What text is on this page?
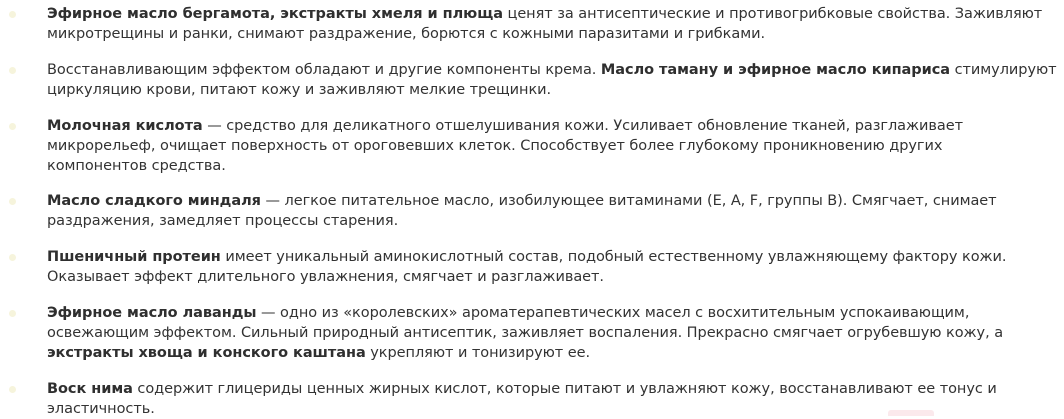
Эфирное масло бергамота, экстракты хмеля и плюща ценят за антисептические и противогрибковые свойства. Заживляют
микротрещины и ранки, снимают раздражение, борются с кожными паразитами и грибками.
Восстанавливающим эффектом обладают и другие компоненты крема. Масло таману и эфирное масло кипариса стимулируют
циркуляцию крови, питают кожу и заживляют мелкие трещинки.
Молочная кислота — средство для деликатного отшелушивания кожи. Усиливает обновление тканей, разглаживает
микрорельеф, очищает поверхность от ороговевших клеток. Способствует более глубокому проникновению других
компонентов средства.
Масло сладкого миндаля — легкое питательное масло, изобилующее витаминами (Е, А, F, группы В). Смягчает, снимает
раздражения, замедляет процессы старения.
Пшеничный протеин имеет уникальный аминокислотный состав, подобный естественному увлажняющему фактору кожи.
Оказывает эффект длительного увлажнения, смягчает и разглаживает.
Эфирное масло лаванды — одно из «королевских» ароматерапевтических масел с восхитительным успокаивающим,
освежающим эффектом. Сильный природный антисептик, заживляет воспаления. Прекрасно смягчает огрубевшую кожу, а
экстракты хвоща и конского каштана укрепляют и тонизируют ее.
Воск нима содержит глицериды ценных жирных кислот, которые питают и увлажняют кожу, восстанавливают ее тонус и
эластичность.
